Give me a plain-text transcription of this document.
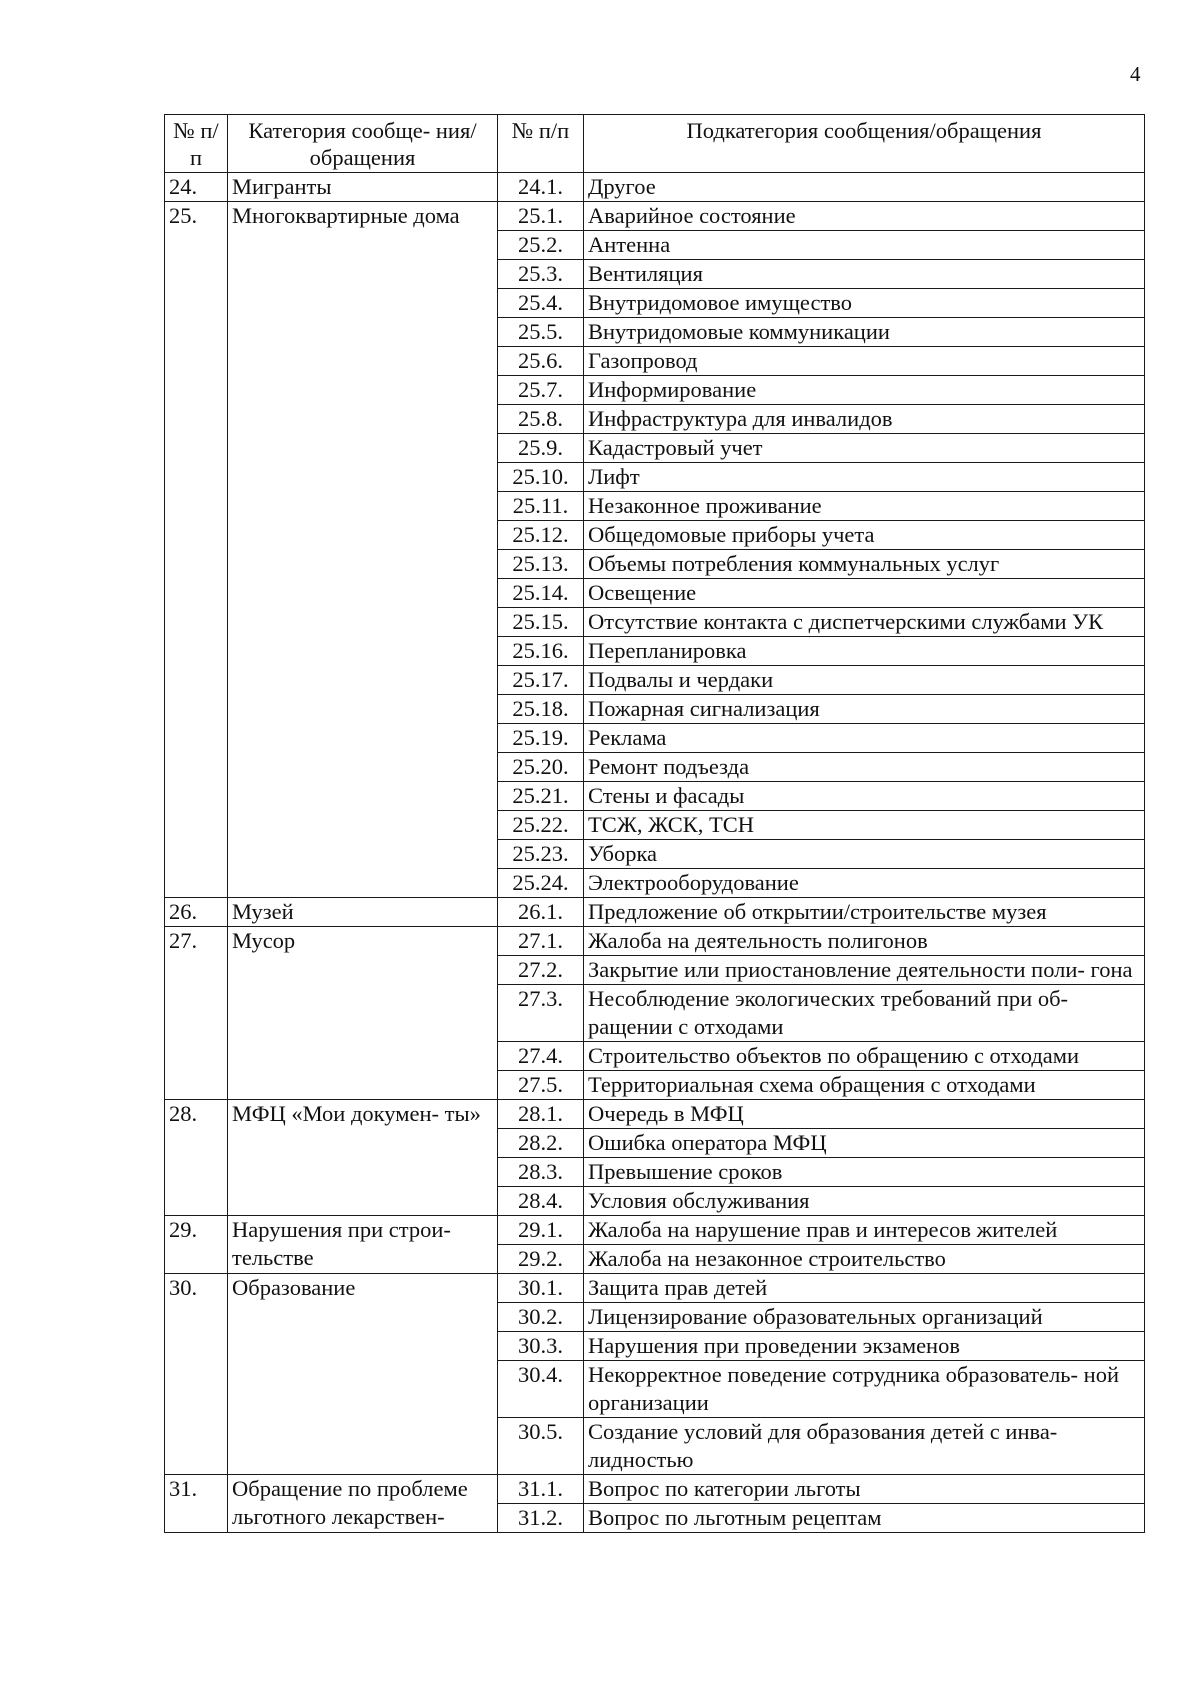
4
№ п/п	Категория сообще- ния/обращения	№ п/п	Подкатегория сообщения/обращения
24.	Мигранты	24.1.	Другое
25.	Многоквартирные дома	25.1.	Аварийное состояние
		25.2.	Антенна
		25.3.	Вентиляция
		25.4.	Внутридомовое имущество
		25.5.	Внутридомовые коммуникации
		25.6.	Газопровод
		25.7.	Информирование
		25.8.	Инфраструктура для инвалидов
		25.9.	Кадастровый учет
		25.10.	Лифт
		25.11.	Незаконное проживание
		25.12.	Общедомовые приборы учета
		25.13.	Объемы потребления коммунальных услуг
		25.14.	Освещение
		25.15.	Отсутствие контакта с диспетчерскими службами УК
		25.16.	Перепланировка
		25.17.	Подвалы и чердаки
		25.18.	Пожарная сигнализация
		25.19.	Реклама
		25.20.	Ремонт подъезда
		25.21.	Стены и фасады
		25.22.	ТСЖ, ЖСК, ТСН
		25.23.	Уборка
		25.24.	Электрооборудование
26.	Музей	26.1.	Предложение об открытии/строительстве музея
27.	Мусор	27.1.	Жалоба на деятельность полигонов
		27.2.	Закрытие или приостановление деятельности поли- гона
		27.3.	Несоблюдение экологических требований при об- ращении с отходами
		27.4.	Строительство объектов по обращению с отходами
		27.5.	Территориальная схема обращения с отходами
28.	МФЦ «Мои докумен- ты»	28.1.	Очередь в МФЦ
		28.2.	Ошибка оператора МФЦ
		28.3.	Превышение сроков
		28.4.	Условия обслуживания
29.	Нарушения при строи- тельстве	29.1.	Жалоба на нарушение прав и интересов жителей
		29.2.	Жалоба на незаконное строительство
30.	Образование	30.1.	Защита прав детей
		30.2.	Лицензирование образовательных организаций
		30.3.	Нарушения при проведении экзаменов
		30.4.	Некорректное поведение сотрудника образователь- ной организации
		30.5.	Создание условий для образования детей с инва- лидностью
31.	Обращение по проблеме льготного лекарствен-	31.1.	Вопрос по категории льготы
		31.2.	Вопрос по льготным рецептам
